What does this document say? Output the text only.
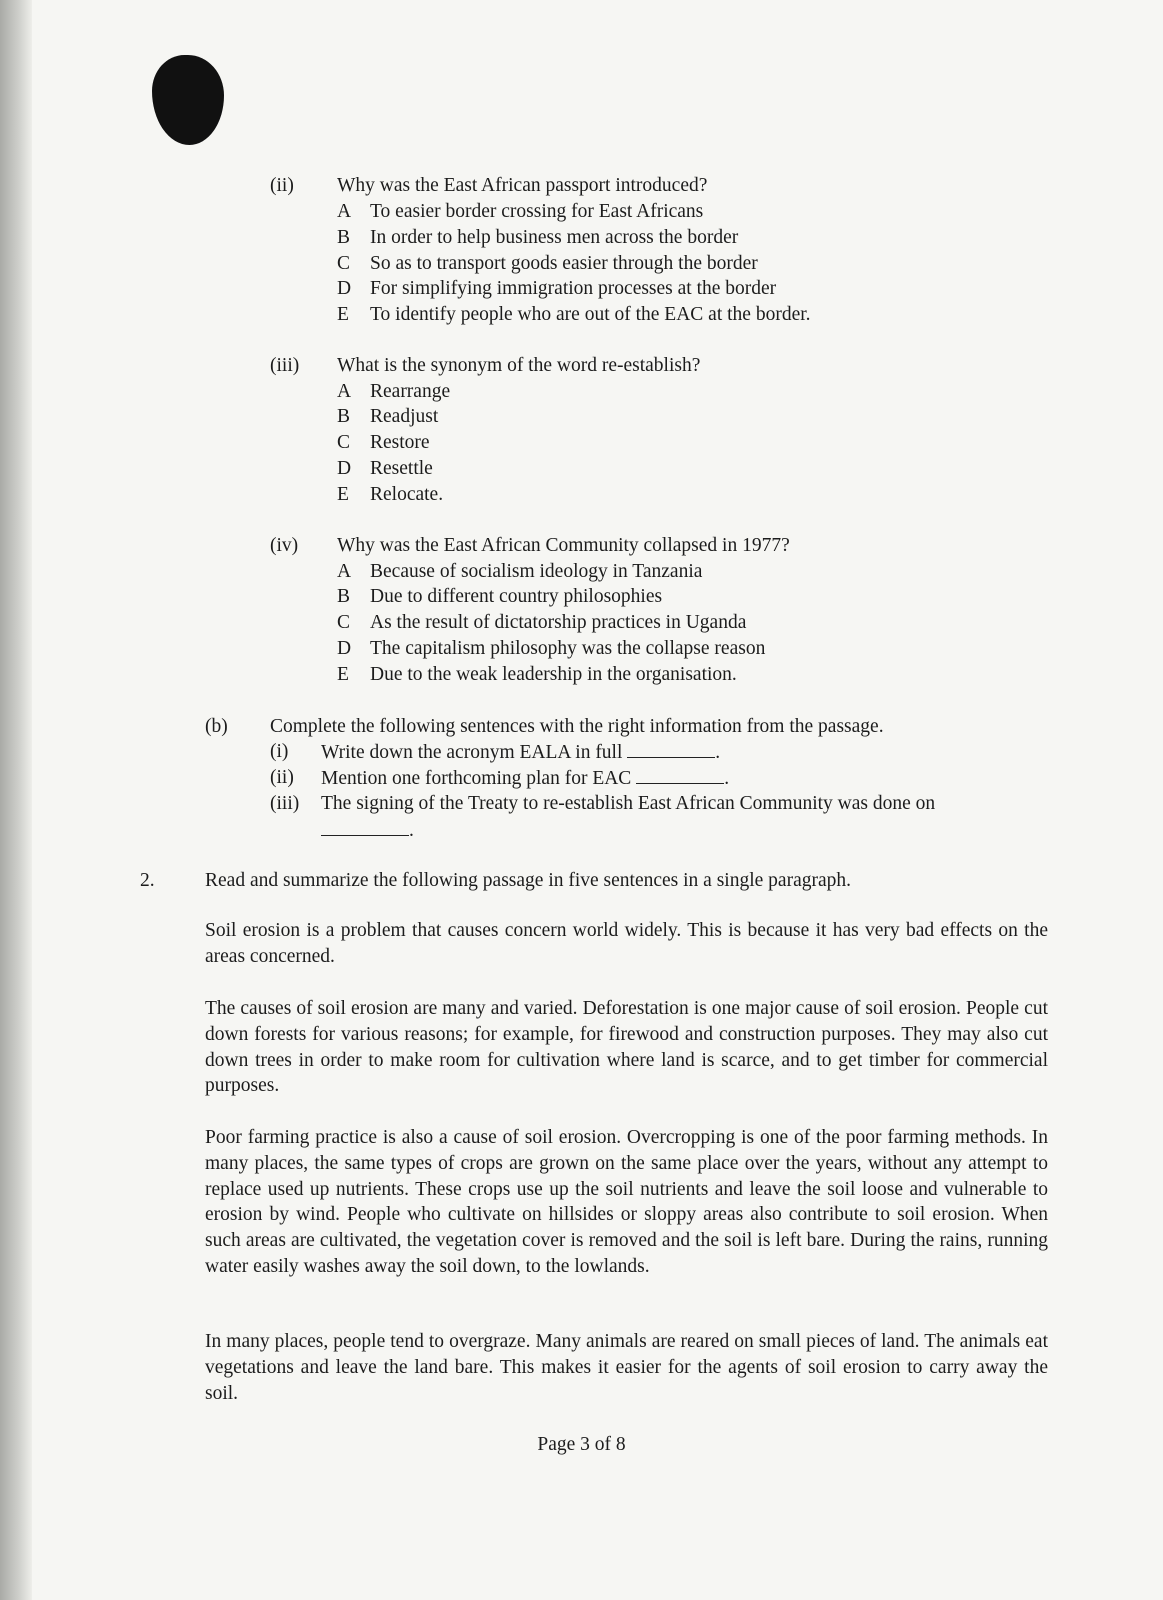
(ii) Why was the East African passport introduced?
A To easier border crossing for East Africans
B In order to help business men across the border
C So as to transport goods easier through the border
D For simplifying immigration processes at the border
E To identify people who are out of the EAC at the border.
(iii) What is the synonym of the word re-establish?
A Rearrange
B Readjust
C Restore
D Resettle
E Relocate.
(iv) Why was the East African Community collapsed in 1977?
A Because of socialism ideology in Tanzania
B Due to different country philosophies
C As the result of dictatorship practices in Uganda
D The capitalism philosophy was the collapse reason
E Due to the weak leadership in the organisation.
(b) Complete the following sentences with the right information from the passage.
(i) Write down the acronym EALA in full	.
(ii) Mention one forthcoming plan for EAC	.
(iii) The signing of the Treaty to re-establish East African Community was done on
.
2.	Read and summarize the following passage in five sentences in a single paragraph.
Soil erosion is a problem that causes concern world widely. This is because it has very bad effects on the areas concerned.
The causes of soil erosion are many and varied. Deforestation is one major cause of soil erosion. People cut down forests for various reasons; for example, for firewood and construction purposes. They may also cut down trees in order to make room for cultivation where land is scarce, and to get timber for commercial purposes.
Poor farming practice is also a cause of soil erosion. Overcropping is one of the poor farming methods. In many places, the same types of crops are grown on the same place over the years, without any attempt to replace used up nutrients. These crops use up the soil nutrients and leave the soil loose and vulnerable to erosion by wind. People who cultivate on hillsides or sloppy areas also contribute to soil erosion. When such areas are cultivated, the vegetation cover is removed and the soil is left bare. During the rains, running water easily washes away the soil down, to the lowlands.
In many places, people tend to overgraze. Many animals are reared on small pieces of land. The animals eat vegetations and leave the land bare. This makes it easier for the agents of soil erosion to carry away the soil.
Page 3 of 8
